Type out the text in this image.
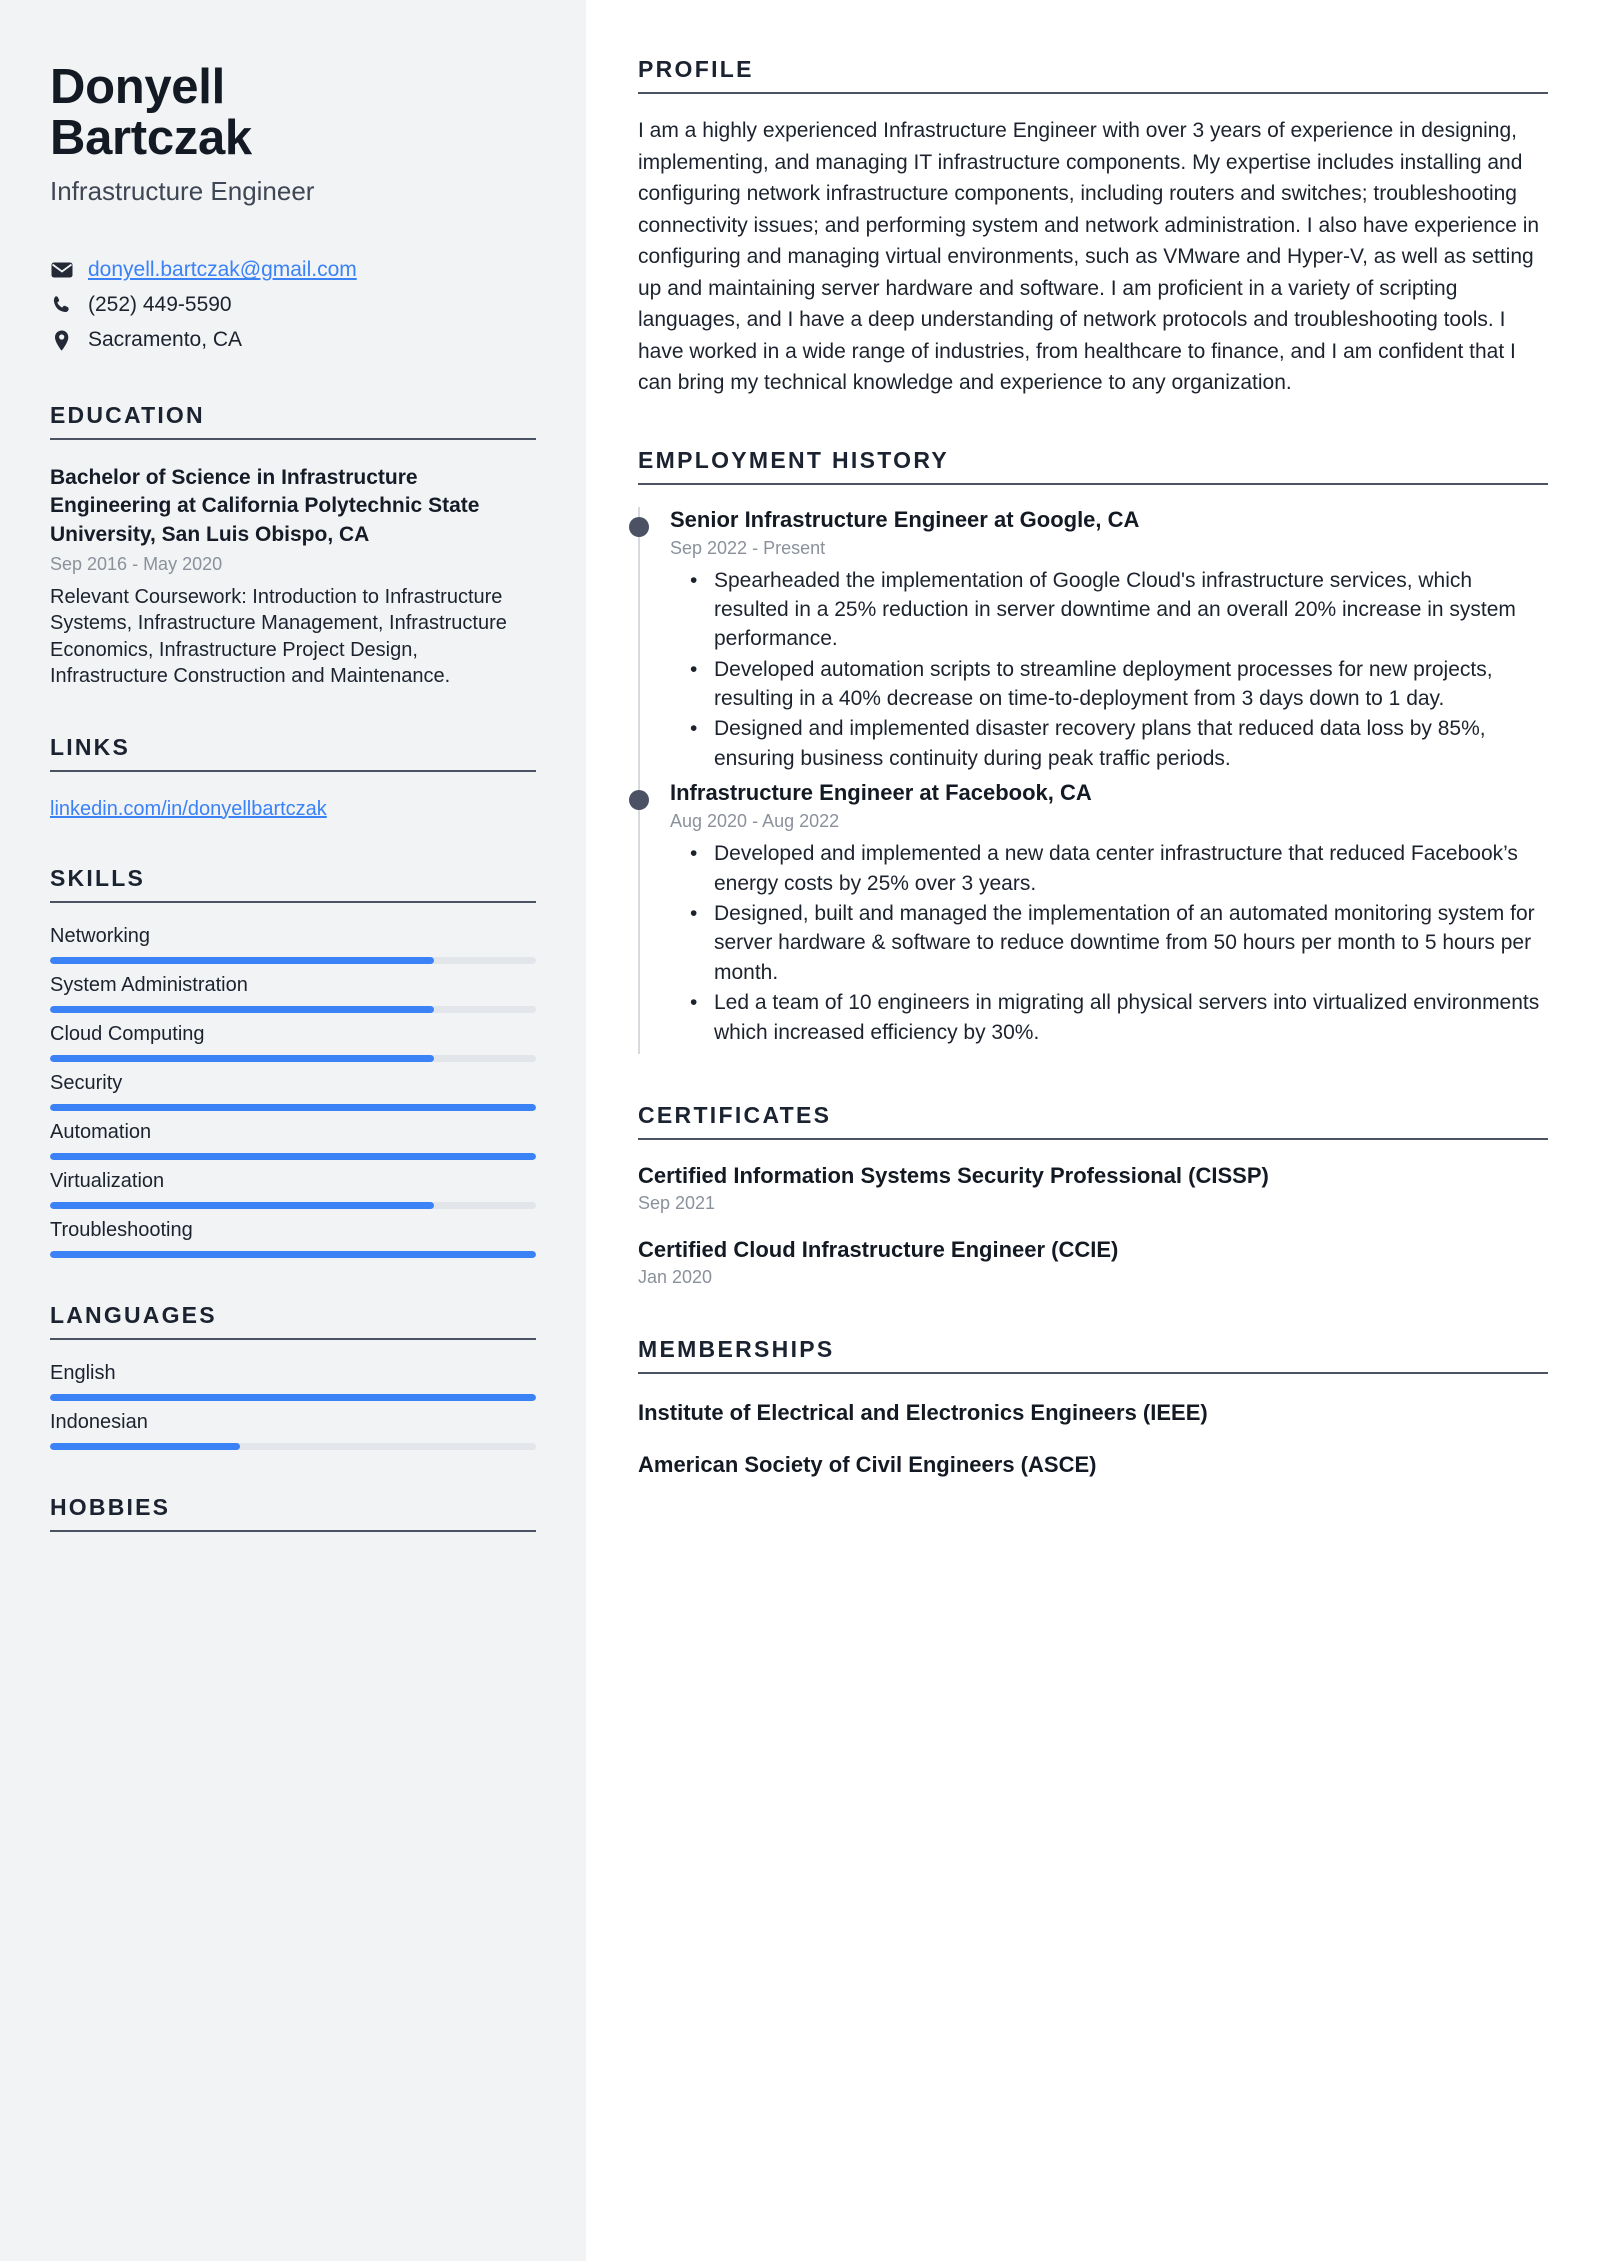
Donyell
Bartczak
Infrastructure Engineer
donyell.bartczak@gmail.com
(252) 449-5590
Sacramento, CA
EDUCATION
Bachelor of Science in Infrastructure Engineering at California Polytechnic State University, San Luis Obispo, CA
Sep 2016 - May 2020
Relevant Coursework: Introduction to Infrastructure Systems, Infrastructure Management, Infrastructure Economics, Infrastructure Project Design, Infrastructure Construction and Maintenance.
LINKS
linkedin.com/in/donyellbartczak
SKILLS
Networking
System Administration
Cloud Computing
Security
Automation
Virtualization
Troubleshooting
LANGUAGES
English
Indonesian
HOBBIES
PROFILE

I am a highly experienced Infrastructure Engineer with over 3 years of experience in designing, implementing, and managing IT infrastructure components. My expertise includes installing and configuring network infrastructure components, including routers and switches; troubleshooting connectivity issues; and performing system and network administration. I also have experience in configuring and managing virtual environments, such as VMware and Hyper-V, as well as setting up and maintaining server hardware and software. I am proficient in a variety of scripting languages, and I have a deep understanding of network protocols and troubleshooting tools. I have worked in a wide range of industries, from healthcare to finance, and I am confident that I can bring my technical knowledge and experience to any organization.

EMPLOYMENT HISTORY
Senior Infrastructure Engineer at Google, CA
Sep 2022 - Present
• Spearheaded the implementation of Google Cloud's infrastructure services, which resulted in a 25% reduction in server downtime and an overall 20% increase in system performance.
• Developed automation scripts to streamline deployment processes for new projects, resulting in a 40% decrease on time-to-deployment from 3 days down to 1 day.
• Designed and implemented disaster recovery plans that reduced data loss by 85%, ensuring business continuity during peak traffic periods.
Infrastructure Engineer at Facebook, CA
Aug 2020 - Aug 2022
• Developed and implemented a new data center infrastructure that reduced Facebook’s energy costs by 25% over 3 years.
• Designed, built and managed the implementation of an automated monitoring system for server hardware & software to reduce downtime from 50 hours per month to 5 hours per month.
• Led a team of 10 engineers in migrating all physical servers into virtualized environments which increased efficiency by 30%.
CERTIFICATES
Certified Information Systems Security Professional (CISSP)
Sep 2021
Certified Cloud Infrastructure Engineer (CCIE)
Jan 2020
MEMBERSHIPS
Institute of Electrical and Electronics Engineers (IEEE)
American Society of Civil Engineers (ASCE)
